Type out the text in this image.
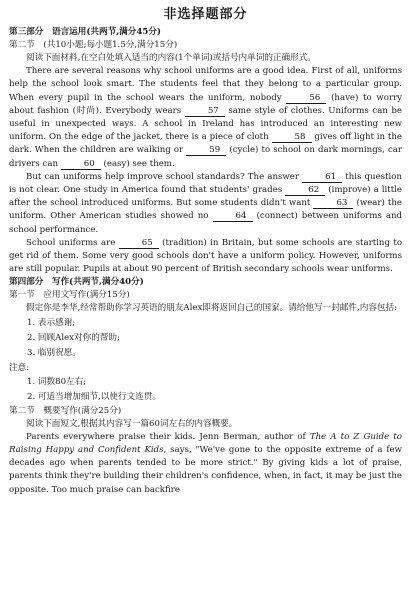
非选择题部分
第三部分　语言运用(共两节,满分45分)
第二节　(共10小题;每小题1.5分,满分15分)

阅读下面材料,在空白处填入适当的内容(1个单词)或括号内单词的正确形式。

There are several reasons why school uniforms are a good idea. First of all, uniforms help the school look smart. The students feel that they belong to a particular group. When every pupil in the school wears the uniform, nobody	56 (have) to worry about fashion (时尚). Everybody wears	57 same style of clothes. Uniforms can be useful in unexpected ways. A school in Ireland has introduced an interesting new uniform. On the edge of the jacket, there is a piece of cloth	58 gives off light in the dark. When the children are walking or	59 (cycle) to school on dark mornings, car drivers can	60 (easy) see them.

But can uniforms help improve school standards? The answer	61 this question is not clear. One study in America found that students' grades	62 (improve) a little after the school introduced uniforms. But some students didn't want	63 (wear) the uniform. Other American studies showed no	64 (connect) between uniforms and school performance.

School uniforms are	65 (tradition) in Britain, but some schools are starting to get rid of them. Some very good schools don't have a uniform policy. However, uniforms are still popular. Pupils at about 90 percent of British secondary schools wear uniforms.

第四部分　写作(共两节,满分40分)
第一节　应用文写作(满分15分)

假定你是李华,经常帮助你学习英语的朋友Alex即将返回自己的国家。请给他写一封邮件,内容包括:

1. 表示感谢;
2. 回顾Alex对你的帮助;
3. 临别祝愿。
注意:
1. 词数80左右;
2. 可适当增加细节,以使行文连贯。
第二节　概要写作(满分25分)

阅读下面短文,根据其内容写一篇60词左右的内容概要。

Parents everywhere praise their kids. Jenn Berman, author of The A to Z Guide to Raising Happy and Confident Kids, says, "We've gone to the opposite extreme of a few decades ago when parents tended to be more strict." By giving kids a lot of praise, parents think they're building their children's confidence, when, in fact, it may be just the opposite. Too much praise can backfire
